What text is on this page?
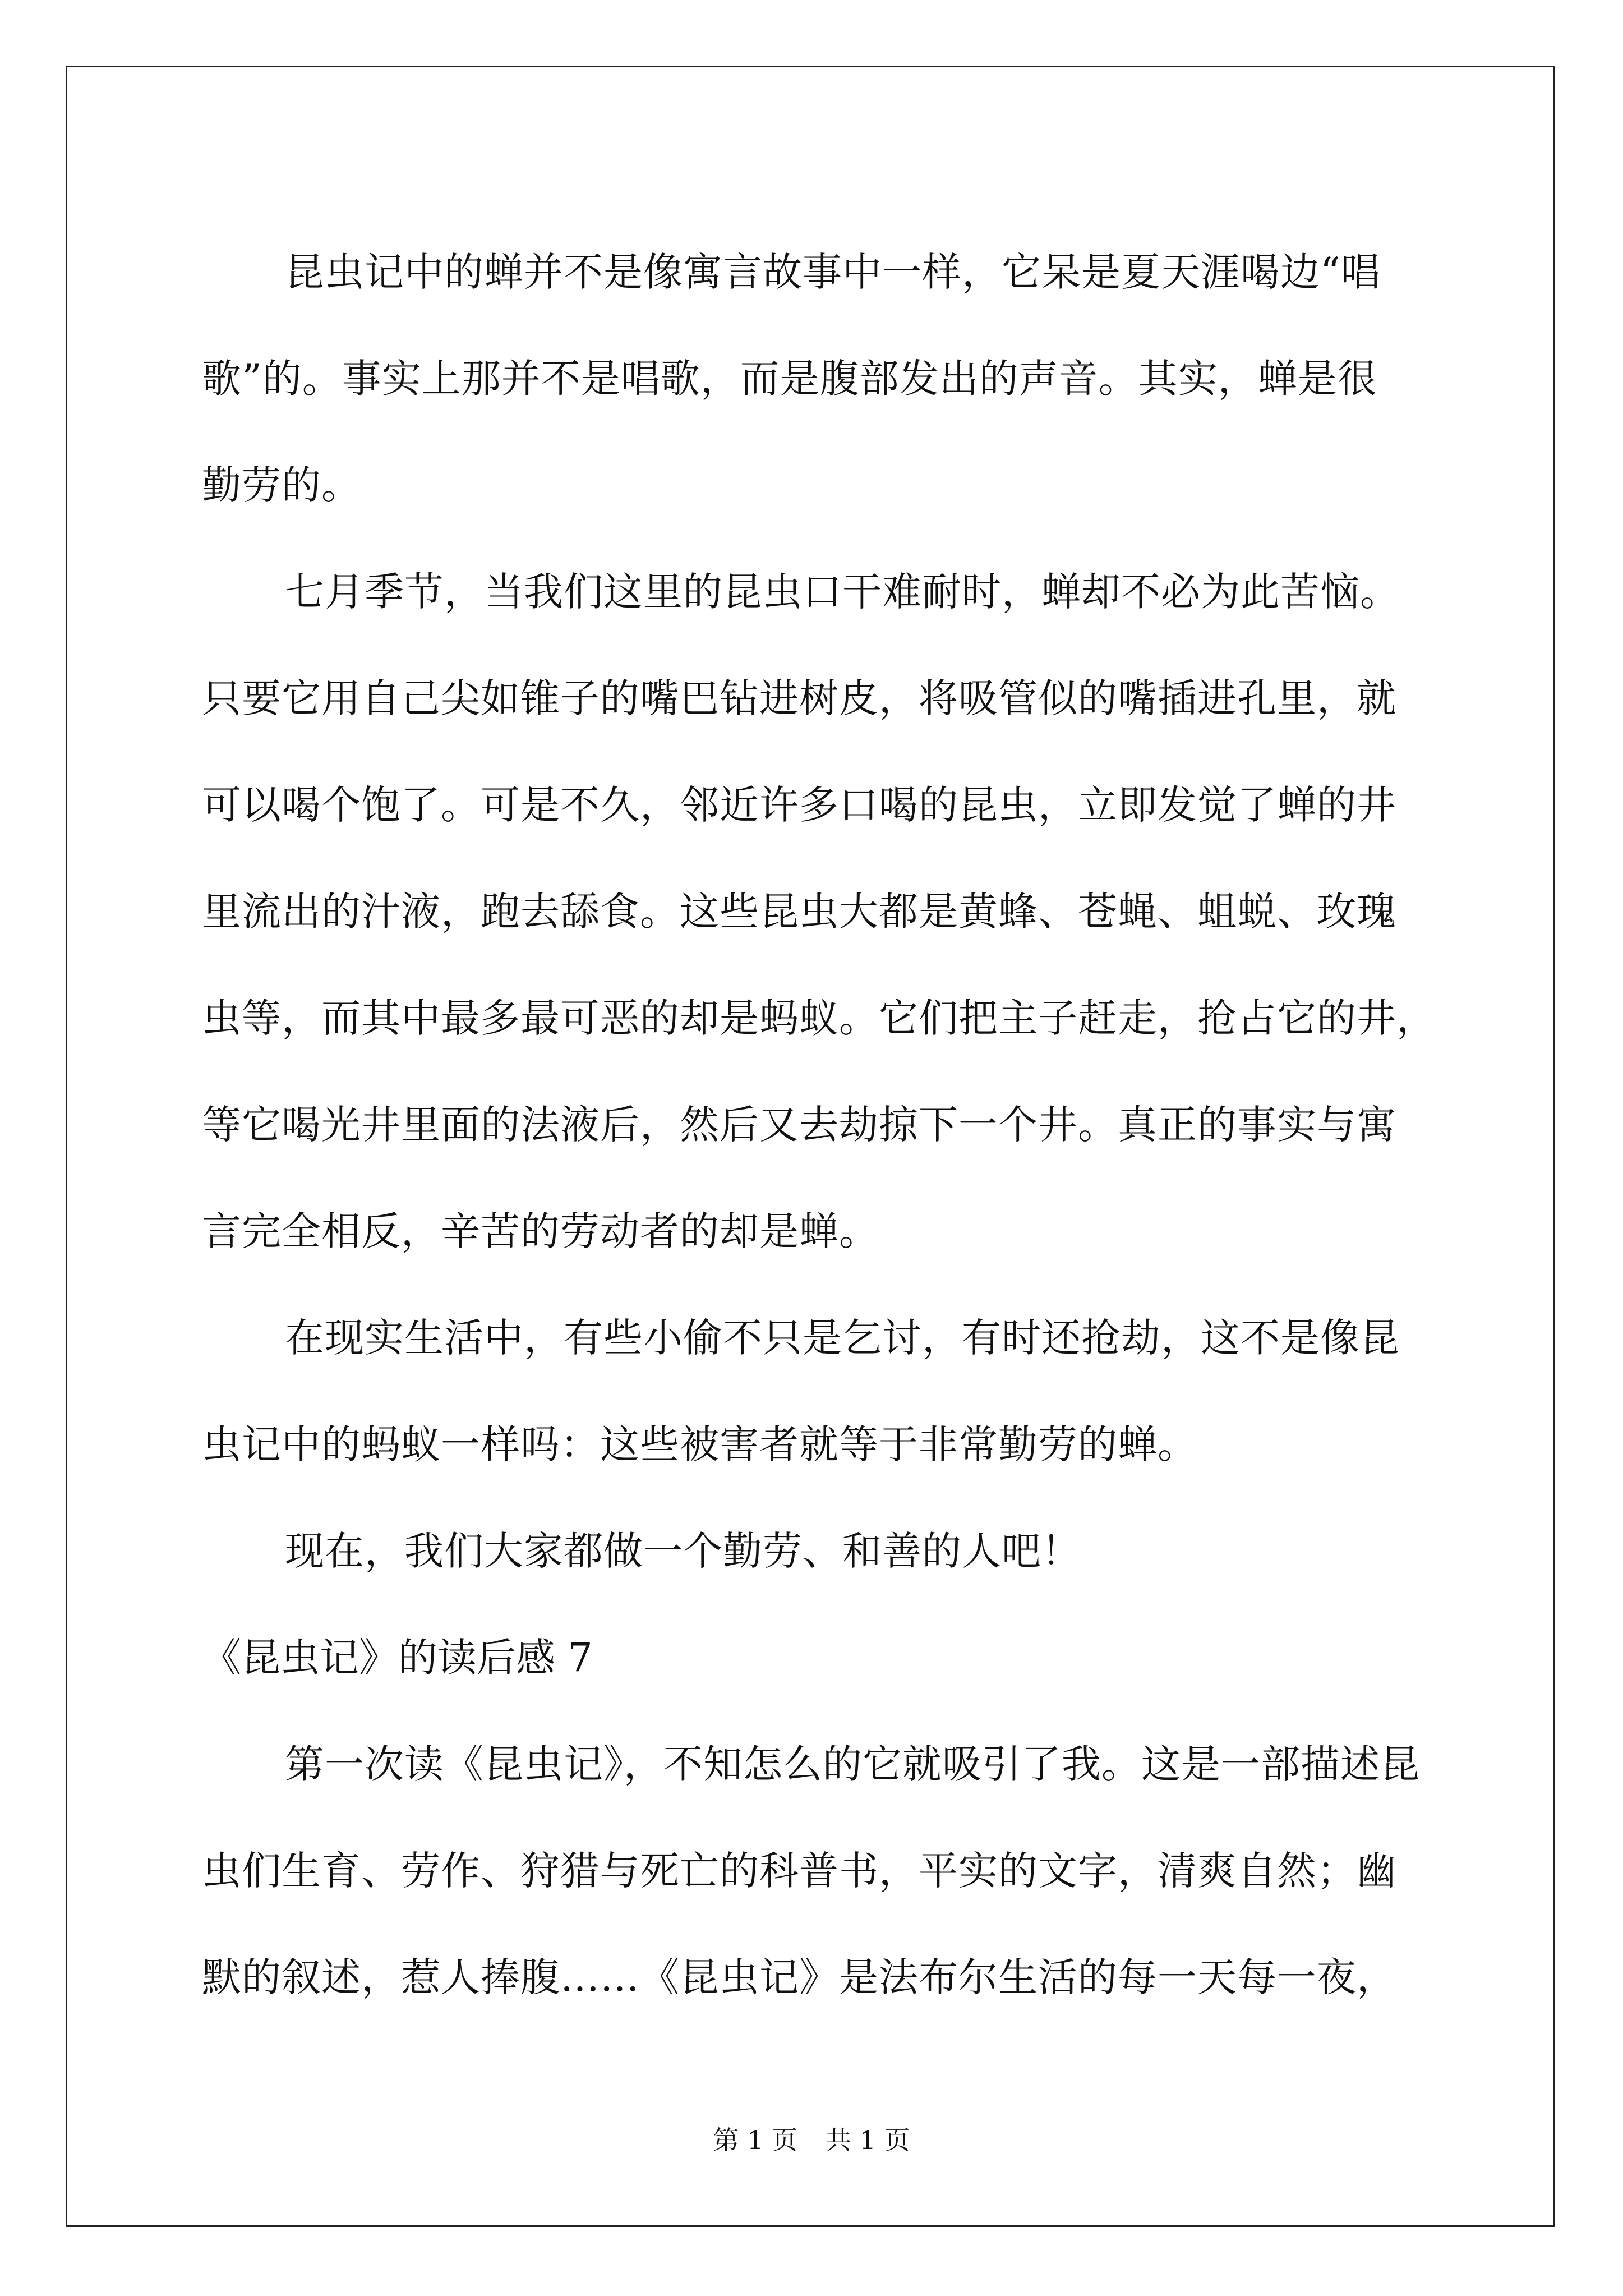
昆虫记中的蝉并不是像寓言故事中一样，它呆是夏天涯喝边“唱
歌”的。事实上那并不是唱歌，而是腹部发出的声音。其实，蝉是很
勤劳的。

七月季节，当我们这里的昆虫口干难耐时，蝉却不必为此苦恼。
只要它用自己尖如锥子的嘴巴钻进树皮，将吸管似的嘴插进孔里，就
可以喝个饱了。可是不久，邻近许多口喝的昆虫，立即发觉了蝉的井
里流出的汁液，跑去舔食。这些昆虫大都是黄蜂、苍蝇、蛆蜕、玫瑰
虫等，而其中最多最可恶的却是蚂蚁。它们把主子赶走，抢占它的井，
等它喝光井里面的法液后，然后又去劫掠下一个井。真正的事实与寓
言完全相反，辛苦的劳动者的却是蝉。

在现实生活中，有些小偷不只是乞讨，有时还抢劫，这不是像昆
虫记中的蚂蚁一样吗：这些被害者就等于非常勤劳的蝉。

现在，我们大家都做一个勤劳、和善的人吧！

《昆虫记》的读后感 7

第一次读《昆虫记》，不知怎么的它就吸引了我。这是一部描述昆
虫们生育、劳作、狩猎与死亡的科普书，平实的文字，清爽自然；幽
默的叙述，惹人捧腹……《昆虫记》是法布尔生活的每一天每一夜，

第 1 页 共 1 页
